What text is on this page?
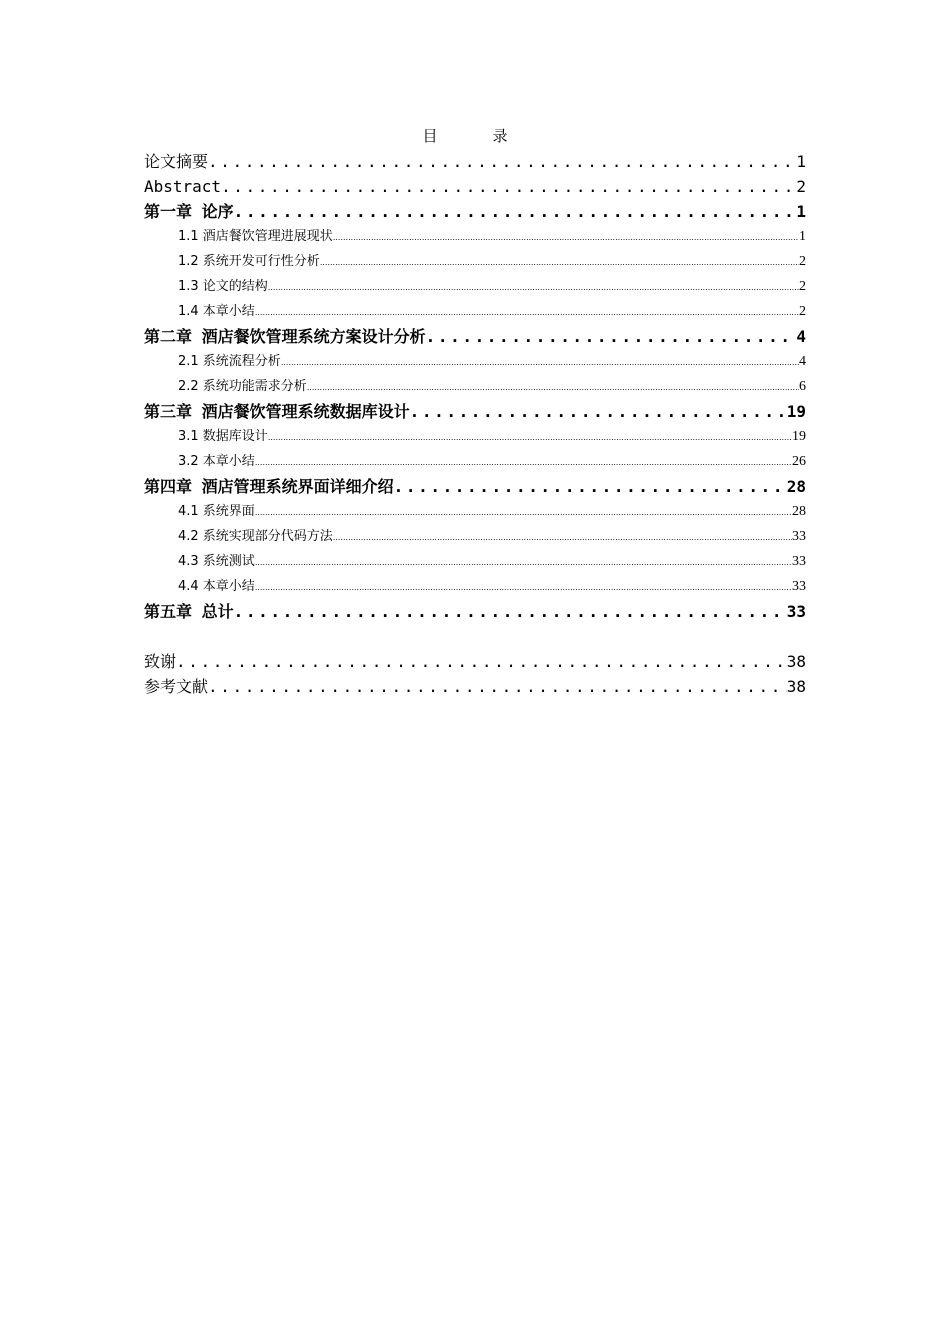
目　录
论文摘要 .....	1
Abstract .....	2
第一章 论序 .....	1
1.1 酒店餐饮管理进展现状 .....	1
1.2 系统开发可行性分析 .....	2
1.3 论文的结构 .....	2
1.4 本章小结 .....	2
第二章 酒店餐饮管理系统方案设计分析 .....	4
2.1 系统流程分析 .....	4
2.2 系统功能需求分析 .....	6
第三章 酒店餐饮管理系统数据库设计 .....	19
3.1 数据库设计 .....	19
3.2 本章小结 .....	26
第四章 酒店管理系统界面详细介绍 .....	28
4.1 系统界面 .....	28
4.2 系统实现部分代码方法 .....	33
4.3 系统测试 .....	33
4.4 本章小结 .....	33
第五章 总计 .....	33
致谢 .....	38
参考文献 .....	38
